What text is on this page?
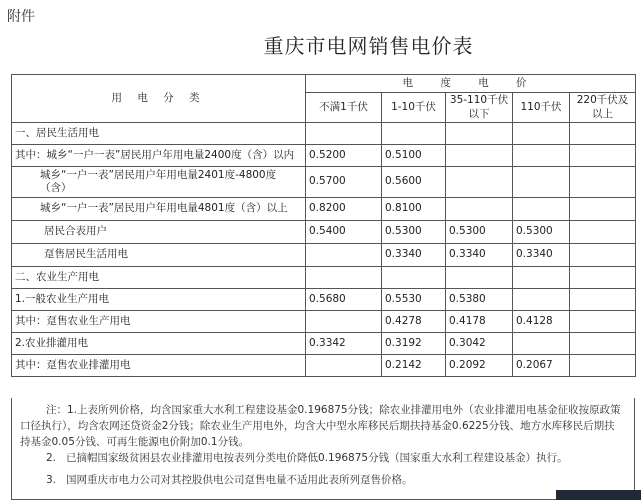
附件
重庆市电网销售电价表
用 电 分 类	电 度 电 价				
	不满1千伏	1-10千伏	35-110千伏以下	110千伏	220千伏及以上
一、居民生活用电					
其中：城乡“一户一表”居民用户年用电量2400度（含）以内	0.5200	0.5100			
城乡“一户一表”居民用户年用电量2401度-4800度（含）	0.5700	0.5600			
城乡“一户一表”居民用户年用电量4801度（含）以上	0.8200	0.8100			
居民合表用户	0.5400	0.5300	0.5300	0.5300	
趸售居民生活用电		0.3340	0.3340	0.3340	
二、农业生产用电					
1.一般农业生产用电	0.5680	0.5530	0.5380		
其中：趸售农业生产用电		0.4278	0.4178	0.4128	
2.农业排灌用电	0.3342	0.3192	0.3042		
其中：趸售农业排灌用电		0.2142	0.2092	0.2067	
注：1.上表所列价格，均含国家重大水利工程建设基金0.196875分钱；除农业排灌用电外（农业排灌用电基金征收按原政策口径执行），均含农网还贷资金2分钱；除农业生产用电外，均含大中型水库移民后期扶持基金0.6225分钱、地方水库移民后期扶持基金0.05分钱、可再生能源电价附加0.1分钱。
2. 已摘帽国家级贫困县农业排灌用电按表列分类电价降低0.196875分钱（国家重大水利工程建设基金）执行。
3. 国网重庆市电力公司对其控股供电公司趸售电量不适用此表所列趸售价格。
